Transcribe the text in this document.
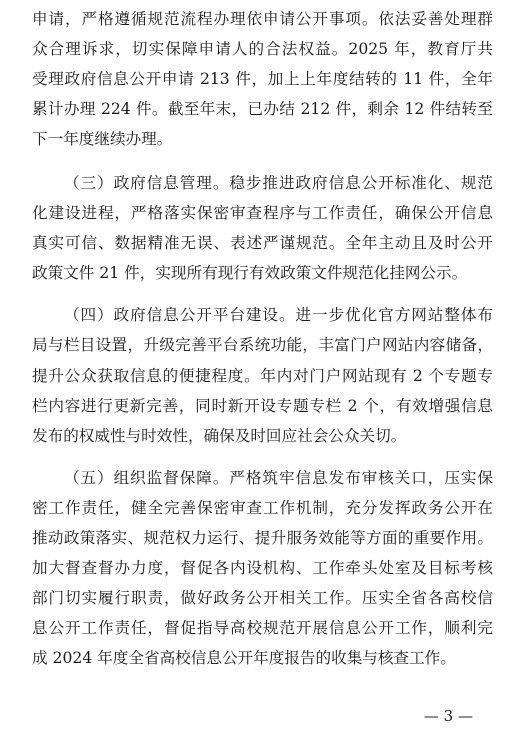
申请，严格遵循规范流程办理依申请公开事项。依法妥善处理群
众合理诉求，切实保障申请人的合法权益。2025 年，教育厅共
受理政府信息公开申请 213 件，加上上年度结转的 11 件，全年
累计办理 224 件。截至年末，已办结 212 件，剩余 12 件结转至
下一年度继续办理。
（三）政府信息管理。稳步推进政府信息公开标准化、规范
化建设进程，严格落实保密审查程序与工作责任，确保公开信息
真实可信、数据精准无误、表述严谨规范。全年主动且及时公开
政策文件 21 件，实现所有现行有效政策文件规范化挂网公示。
（四）政府信息公开平台建设。进一步优化官方网站整体布
局与栏目设置，升级完善平台系统功能，丰富门户网站内容储备，
提升公众获取信息的便捷程度。年内对门户网站现有 2 个专题专
栏内容进行更新完善，同时新开设专题专栏 2 个，有效增强信息
发布的权威性与时效性，确保及时回应社会公众关切。
（五）组织监督保障。严格筑牢信息发布审核关口，压实保
密工作责任，健全完善保密审查工作机制，充分发挥政务公开在
推动政策落实、规范权力运行、提升服务效能等方面的重要作用。
加大督查督办力度，督促各内设机构、工作牵头处室及目标考核
部门切实履行职责，做好政务公开相关工作。压实全省各高校信
息公开工作责任，督促指导高校规范开展信息公开工作，顺利完
成 2024 年度全省高校信息公开年度报告的收集与核查工作。
— 3 —
